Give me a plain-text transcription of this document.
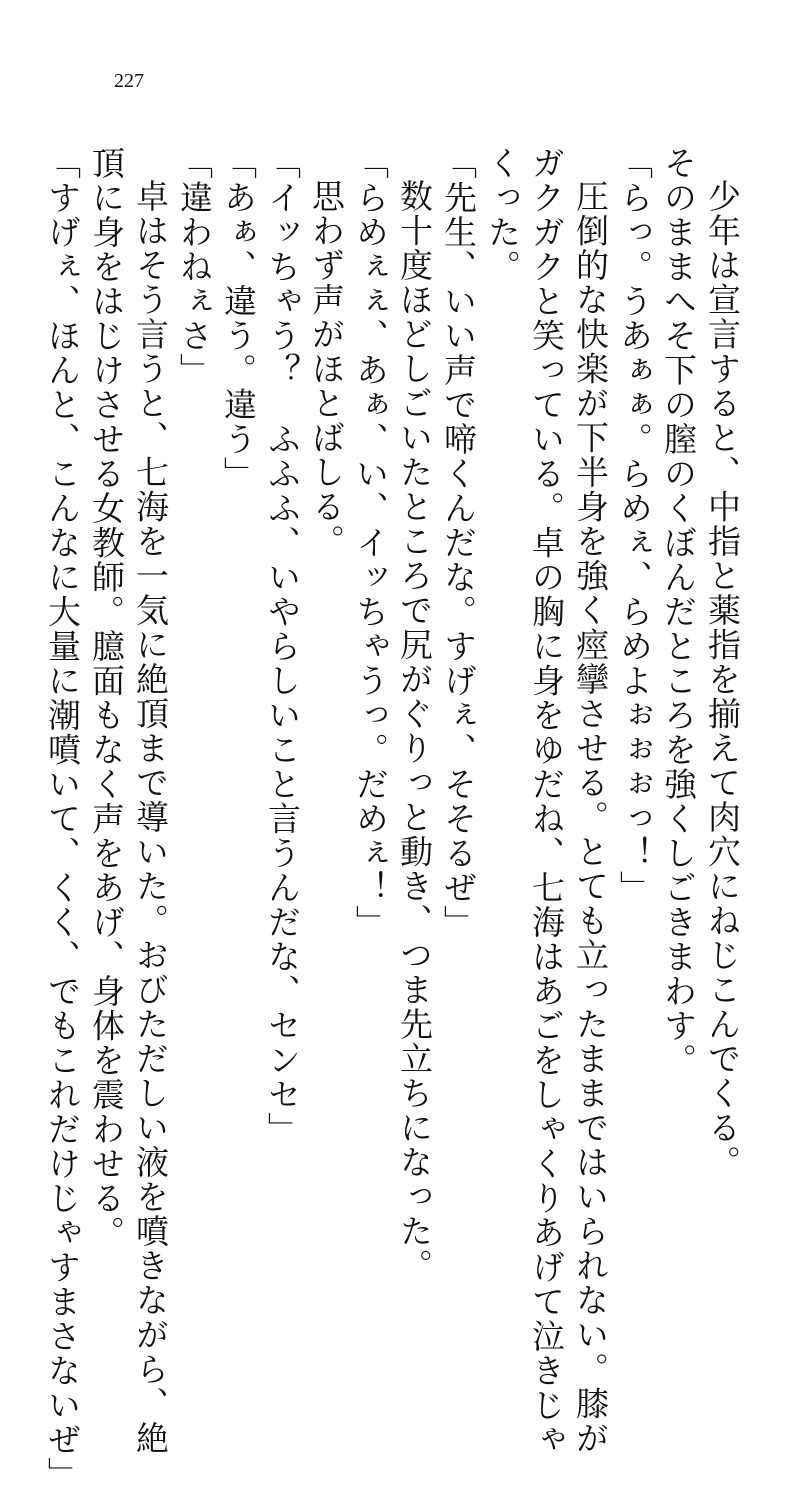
227
少年は宣言すると、中指と薬指を揃えて肉穴にねじこんでくる。
そのままへそ下の膣のくぼんだところを強くしごきまわす。
「らっ。うあぁぁ。らめぇ、らめよぉぉぉっ！」
圧倒的な快楽が下半身を強く痙攣させる。とても立ったままではいられない。膝が
ガクガクと笑っている。卓の胸に身をゆだね、七海はあごをしゃくりあげて泣きじゃ
くった。
「先生、いい声で啼くんだな。すげぇ、そそるぜ」
数十度ほどしごいたところで尻がぐりっと動き、つま先立ちになった。
「らめぇぇ、あぁ、い、イッちゃうっ。だめぇ！」
思わず声がほとばしる。
「イッちゃう？　ふふふ、いやらしいこと言うんだな、センセ」
「あぁ、違う。違う」
「違わねぇさ」
卓はそう言うと、七海を一気に絶頂まで導いた。おびただしい液を噴きながら、絶
頂に身をはじけさせる女教師。臆面もなく声をあげ、身体を震わせる。
「すげぇ、ほんと、こんなに大量に潮噴いて、くく、でもこれだけじゃすまさないぜ」
